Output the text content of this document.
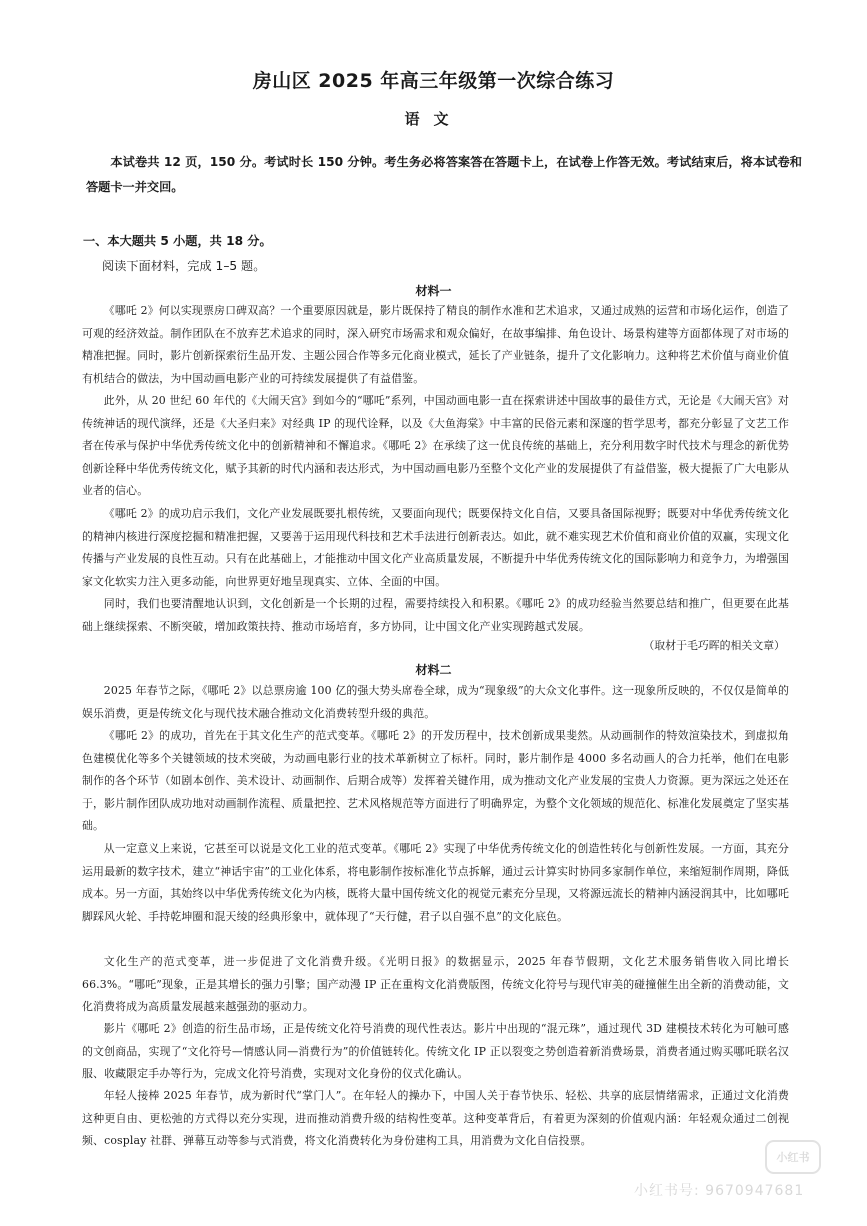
房山区 2025 年高三年级第一次综合练习
语文
本试卷共 12 页，150 分。考试时长 150 分钟。考生务必将答案答在答题卡上，在试卷上作答无效。考试结束后，将本试卷和答题卡一并交回。
一、本大题共 5 小题，共 18 分。
阅读下面材料，完成 1–5 题。
材料一
《哪吒 2》何以实现票房口碑双高？一个重要原因就是，影片既保持了精良的制作水准和艺术追求，又通过成熟的运营和市场化运作，创造了可观的经济效益。制作团队在不放弃艺术追求的同时，深入研究市场需求和观众偏好，在故事编排、角色设计、场景构建等方面都体现了对市场的精准把握。同时，影片创新探索衍生品开发、主题公园合作等多元化商业模式，延长了产业链条，提升了文化影响力。这种将艺术价值与商业价值有机结合的做法，为中国动画电影产业的可持续发展提供了有益借鉴。
此外，从 20 世纪 60 年代的《大闹天宫》到如今的“哪吒”系列，中国动画电影一直在探索讲述中国故事的最佳方式，无论是《大闹天宫》对传统神话的现代演绎，还是《大圣归来》对经典 IP 的现代诠释，以及《大鱼海棠》中丰富的民俗元素和深邃的哲学思考，都充分彰显了文艺工作者在传承与保护中华优秀传统文化中的创新精神和不懈追求。《哪吒 2》在承续了这一优良传统的基础上，充分利用数字时代技术与理念的新优势创新诠释中华优秀传统文化，赋予其新的时代内涵和表达形式，为中国动画电影乃至整个文化产业的发展提供了有益借鉴，极大提振了广大电影从业者的信心。
《哪吒 2》的成功启示我们，文化产业发展既要扎根传统，又要面向现代；既要保持文化自信，又要具备国际视野；既要对中华优秀传统文化的精神内核进行深度挖掘和精准把握，又要善于运用现代科技和艺术手法进行创新表达。如此，就不难实现艺术价值和商业价值的双赢，实现文化传播与产业发展的良性互动。只有在此基础上，才能推动中国文化产业高质量发展，不断提升中华优秀传统文化的国际影响力和竞争力，为增强国家文化软实力注入更多动能，向世界更好地呈现真实、立体、全面的中国。
同时，我们也要清醒地认识到，文化创新是一个长期的过程，需要持续投入和积累。《哪吒 2》的成功经验当然要总结和推广，但更要在此基础上继续探索、不断突破，增加政策扶持、推动市场培育，多方协同，让中国文化产业实现跨越式发展。
（取材于毛巧晖的相关文章）
材料二
2025 年春节之际，《哪吒 2》以总票房逾 100 亿的强大势头席卷全球，成为“现象级”的大众文化事件。这一现象所反映的，不仅仅是简单的娱乐消费，更是传统文化与现代技术融合推动文化消费转型升级的典范。
《哪吒 2》的成功，首先在于其文化生产的范式变革。《哪吒 2》的开发历程中，技术创新成果斐然。从动画制作的特效渲染技术，到虚拟角色建模优化等多个关键领域的技术突破，为动画电影行业的技术革新树立了标杆。同时，影片制作是 4000 多名动画人的合力托举，他们在电影制作的各个环节（如剧本创作、美术设计、动画制作、后期合成等）发挥着关键作用，成为推动文化产业发展的宝贵人力资源。更为深远之处还在于，影片制作团队成功地对动画制作流程、质量把控、艺术风格规范等方面进行了明确界定，为整个文化领域的规范化、标准化发展奠定了坚实基础。
从一定意义上来说，它甚至可以说是文化工业的范式变革。《哪吒 2》实现了中华优秀传统文化的创造性转化与创新性发展。一方面，其充分运用最新的数字技术，建立“神话宇宙”的工业化体系，将电影制作按标准化节点拆解，通过云计算实时协同多家制作单位，来缩短制作周期，降低成本。另一方面，其始终以中华优秀传统文化为内核，既将大量中国传统文化的视觉元素充分呈现，又将源远流长的精神内涵浸润其中，比如哪吒脚踩风火轮、手持乾坤圈和混天绫的经典形象中，就体现了“天行健，君子以自强不息”的文化底色。
文化生产的范式变革，进一步促进了文化消费升级。《光明日报》的数据显示，2025 年春节假期，文化艺术服务销售收入同比增长 66.3%。“哪吒”现象，正是其增长的强力引擎；国产动漫 IP 正在重构文化消费版图，传统文化符号与现代审美的碰撞催生出全新的消费动能，文化消费将成为高质量发展越来越强劲的驱动力。
影片《哪吒 2》创造的衍生品市场，正是传统文化符号消费的现代性表达。影片中出现的“混元珠”，通过现代 3D 建模技术转化为可触可感的文创商品，实现了“文化符号—情感认同—消费行为”的价值链转化。传统文化 IP 正以裂变之势创造着新消费场景，消费者通过购买哪吒联名汉服、收藏限定手办等行为，完成文化符号消费，实现对文化身份的仪式化确认。
年轻人接棒 2025 年春节，成为新时代“掌门人”。在年轻人的操办下，中国人关于春节快乐、轻松、共享的底层情绪需求，正通过文化消费这种更自由、更松弛的方式得以充分实现，进而推动消费升级的结构性变革。这种变革背后，有着更为深刻的价值观内涵：年轻观众通过二创视频、cosplay 社群、弹幕互动等参与式消费，将文化消费转化为身份建构工具，用消费为文化自信投票。
小红书
小红书号: 9670947681
